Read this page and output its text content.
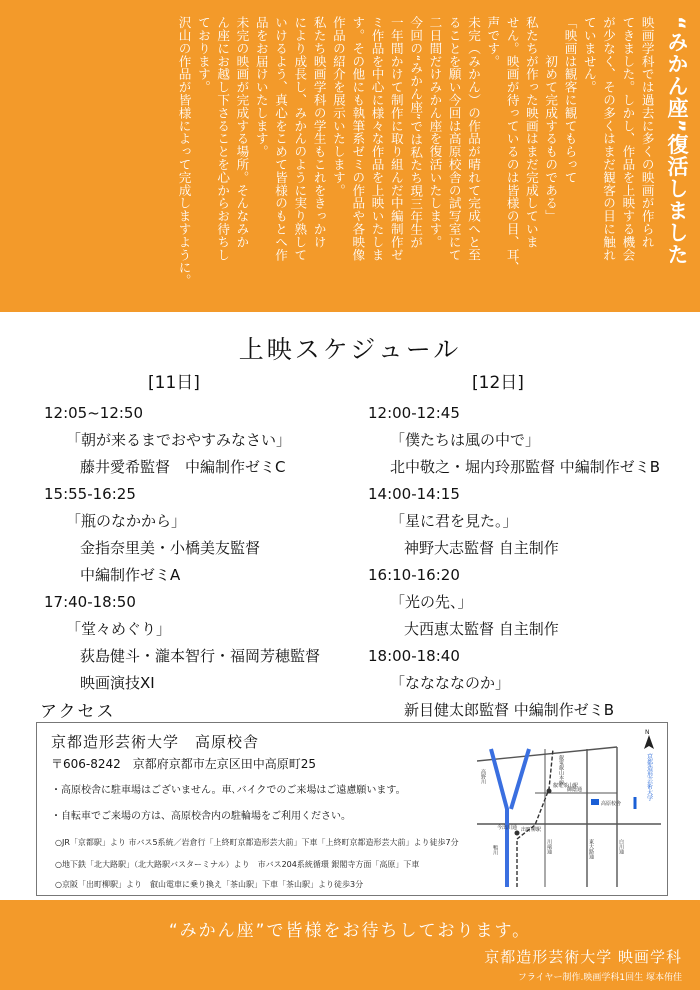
“みかん座”復活しました

映画学科では過去に多くの映画が作られ

てきました。しかし、作品を上映する機会

が少なく、その多くはまだ観客の目に触れ

ていません。

「映画は観客に観てもらって

　　　初めて完成するものである」

私たちが作った映画はまだ完成していま

せん。映画が待っているのは皆様の目、耳、

声です。

未完（みかん）の作品が晴れて完成へと至

ることを願い今回は高原校舎の試写室にて

二日間だけみかん座を復活いたします。

今回の“みかん座”では私たち現三年生が

一年間かけて制作に取り組んだ中編制作ゼ

ミ作品を中心に様々な作品を上映いたしま

す。その他にも執筆系ゼミの作品や各映像

作品の紹介を展示いたします。

私たち映画学科の学生もこれをきっかけ

により成長し、みかんのように実り熟して

いけるよう、真心をこめて皆様のもとへ作

品をお届けいたします。

未完の映画が完成する場所。そんなみか

ん座にお越し下さることを心からお待ちし

ております。

沢山の作品が皆様によって完成しますように。

上映スケジュール
[11日]	[12日]
12:05~12:50
「朝が来るまでおやすみなさい」
藤井愛希監督　中編制作ゼミC
15:55-16:25
「瓶のなかから」
金指奈里美・小橋美友監督
中編制作ゼミA
17:40-18:50
「堂々めぐり」
荻島健斗・瀧本智行・福岡芳穂監督
映画演技XI
12:00-12:45
「僕たちは風の中で」
北中敬之・堀内玲那監督 中編制作ゼミB
14:00-14:15
「星に君を見た。」
神野大志監督 自主制作
16:10-16:20
「光の先、」
大西恵太監督 自主制作
18:00-18:40
「ななななのか」
新目健太郎監督 中編制作ゼミB
アクセス
京都造形芸術大学　高原校舎
〒606-8242　京都府京都市左京区田中高原町25
・高原校舎に駐車場はございません。車､バイクでのご来場はご遠慮願います。
・自転車でご来場の方は、高原校舎内の駐輪場をご利用ください。
○JR「京都駅」より 市バス5系統／岩倉行「上終町京都造形芸大前」下車「上終町京都造形芸大前」より徒歩7分
○地下鉄「北大路駅」（北大路駅バスターミナル）より　市バス204系統循環 銀閣寺方面「高原」下車
○京阪「出町柳駅」より　叡山電車に乗り換え「茶山駅」下車「茶山駅」より徒歩3分
出町柳駅
叡電茶山駅
高原校舎
叡電叡山本線
今出川通
川端通	東大路通	白川通
御蔭通
鴨川
高野川
N
京都造形芸術大学
“みかん座”で皆様をお待ちしております。
京都造形芸術大学 映画学科
フライヤー制作.映画学科1回生 塚本侑佳
